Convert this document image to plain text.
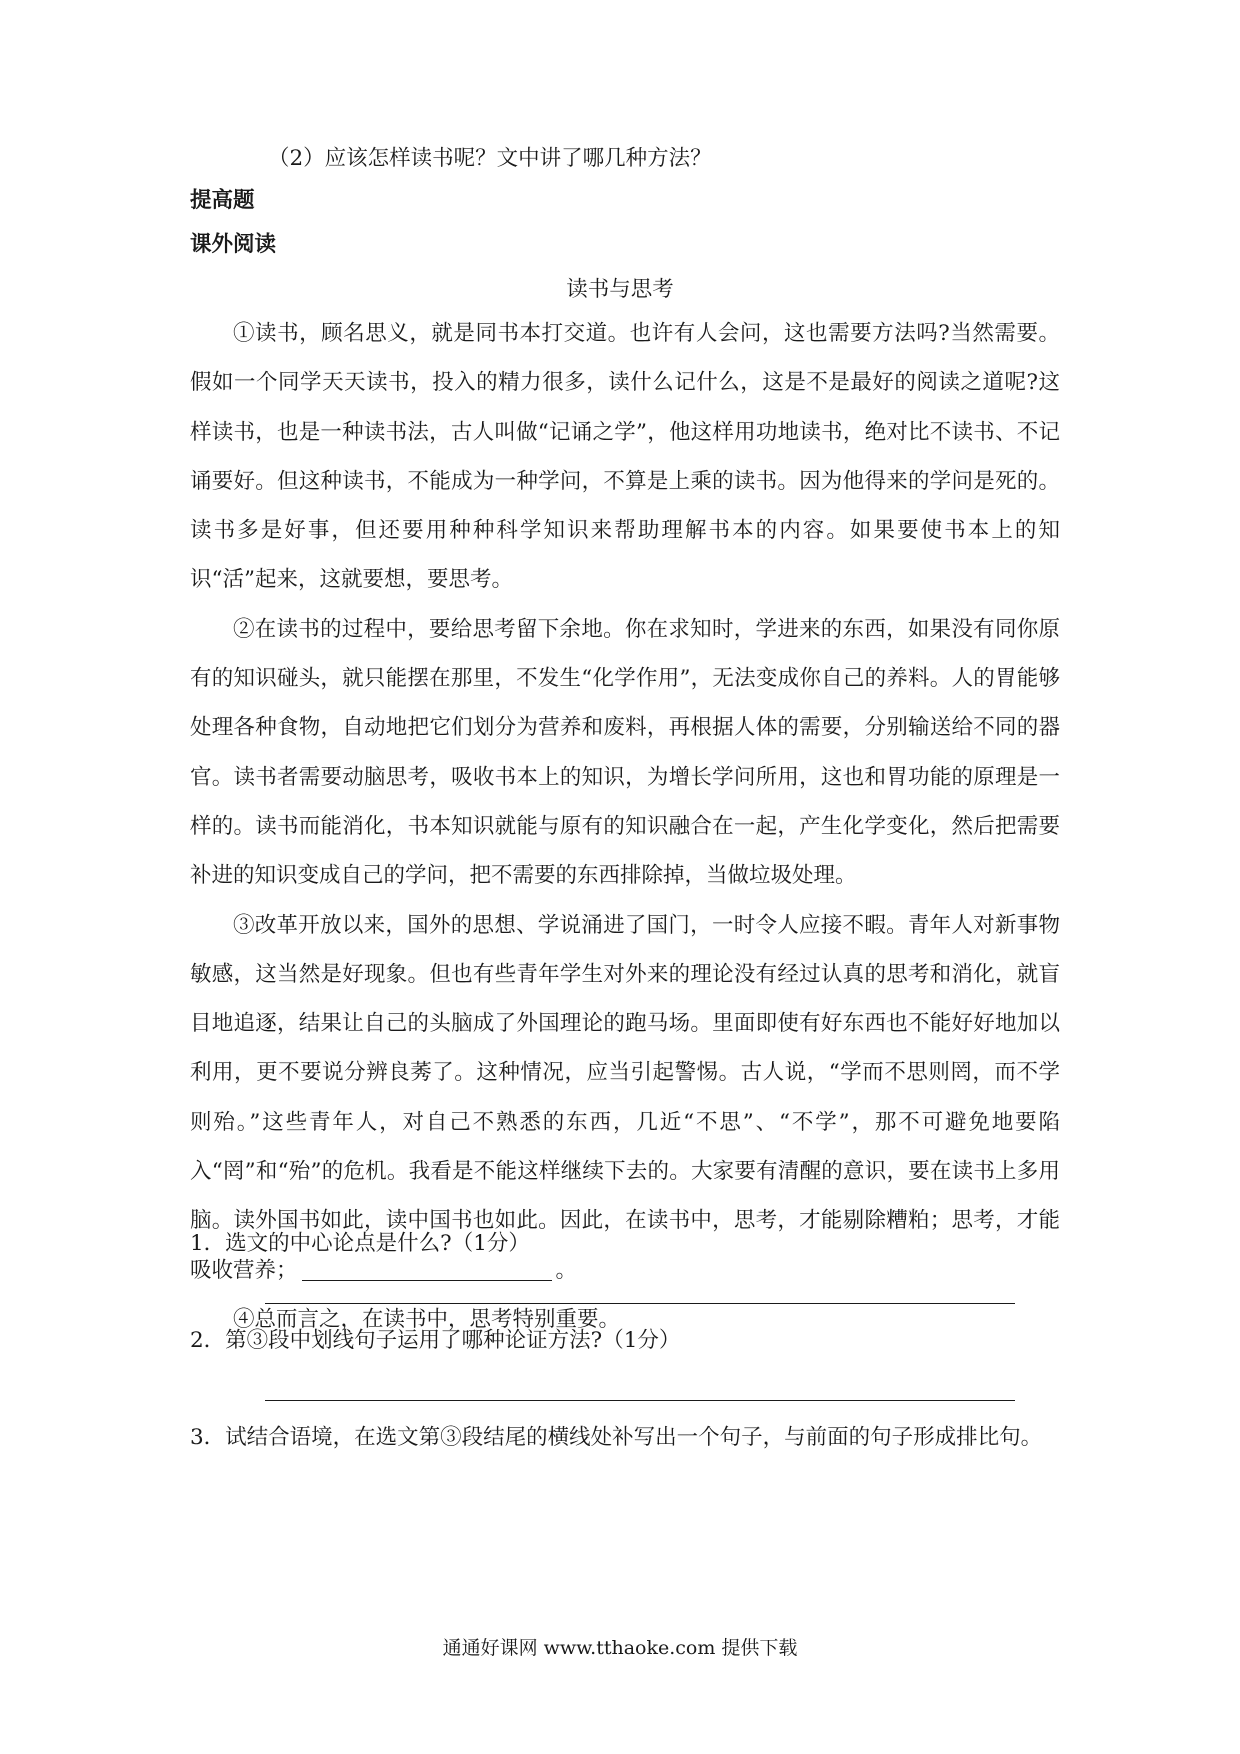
（2）应该怎样读书呢？文中讲了哪几种方法？
提高题
课外阅读
读书与思考

①读书，顾名思义，就是同书本打交道。也许有人会问，这也需要方法吗?当然需要。假如一个同学天天读书，投入的精力很多，读什么记什么，这是不是最好的阅读之道呢?这样读书，也是一种读书法，古人叫做“记诵之学”，他这样用功地读书，绝对比不读书、不记诵要好。但这种读书，不能成为一种学问，不算是上乘的读书。因为他得来的学问是死的。读书多是好事，但还要用种种科学知识来帮助理解书本的内容。如果要使书本上的知识“活”起来，这就要想，要思考。

②在读书的过程中，要给思考留下余地。你在求知时，学进来的东西，如果没有同你原有的知识碰头，就只能摆在那里，不发生“化学作用”，无法变成你自己的养料。人的胃能够处理各种食物，自动地把它们划分为营养和废料，再根据人体的需要，分别输送给不同的器官。读书者需要动脑思考，吸收书本上的知识，为增长学问所用，这也和胃功能的原理是一样的。读书而能消化，书本知识就能与原有的知识融合在一起，产生化学变化，然后把需要补进的知识变成自己的学问，把不需要的东西排除掉，当做垃圾处理。

③改革开放以来，国外的思想、学说涌进了国门，一时令人应接不暇。青年人对新事物敏感，这当然是好现象。但也有些青年学生对外来的理论没有经过认真的思考和消化，就盲目地追逐，结果让自己的头脑成了外国理论的跑马场。里面即使有好东西也不能好好地加以利用，更不要说分辨良莠了。这种情况，应当引起警惕。古人说，“学而不思则罔，而不学则殆。”这些青年人，对自己不熟悉的东西，几近“不思”、“不学”，那不可避免地要陷入“罔”和“殆”的危机。我看是不能这样继续下去的。大家要有清醒的意识，要在读书上多用脑。读外国书如此，读中国书也如此。因此，在读书中，思考，才能剔除糟粕；思考，才能吸收营养；	。

④总而言之，在读书中，思考特别重要。

1．选文的中心论点是什么?（1分）
2．第③段中划线句子运用了哪种论证方法?（1分）
3．试结合语境，在选文第③段结尾的横线处补写出一个句子，与前面的句子形成排比句。
通通好课网 www.tthaoke.com 提供下载
